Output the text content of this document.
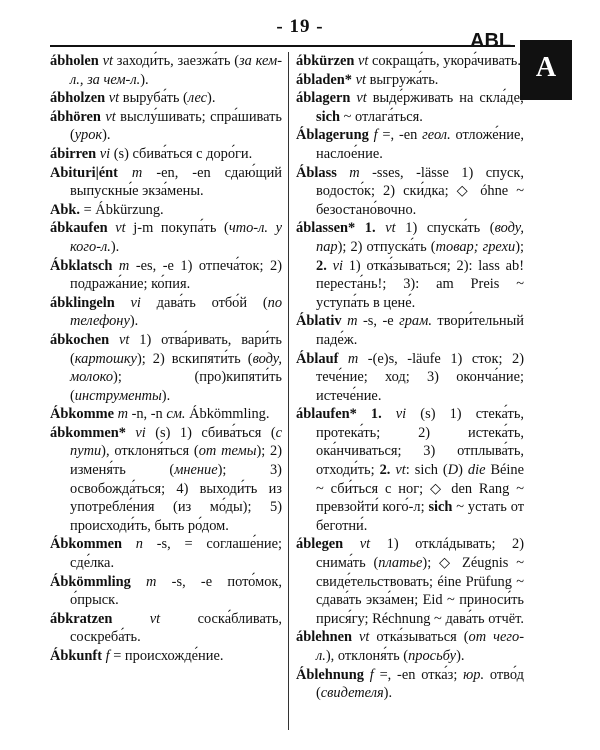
- 19 -
ABL
A

ábholen vt заходи́ть, заезжа́ть (за кем-л., за чем-л.).

ábholzen vt выруба́ть (лес).

ábhören vt выслу́шивать; спра́шивать (урок).

ábirren vi (s) сбива́ться с доро́ги.

Abituri|ént m -en, -en сдаю́щий выпускны́е экза́мены.

Abk. = Ábkürzung.

ábkaufen vt j-m покупа́ть (что-л. у кого-л.).

Ábklatsch m -es, -e 1) отпеча́ток; 2) подража́ние; ко́пия.

ábklingeln vi дава́ть отбо́й (по телефону).

ábkochen vt 1) отва́ривать, вари́ть (картошку); 2) вскипяти́ть (воду, молоко); (про)кипяти́ть (инструменты).

Ábkomme m -n, -n см. Ábkömmling.

ábkommen* vi (s) 1) сбива́ться (с пути), отклоня́ться (от темы); 2) изменя́ть (мнение); 3) освобожда́ться; 4) выходи́ть из употребле́ния (из мо́ды); 5) происходи́ть, быть ро́дом.

Ábkommen n -s, = соглаше́ние; сде́лка.

Ábkömmling m -s, -e пото́мок, о́прыск.

ábkratzen vt соска́бливать, соскреба́ть.

Ábkunft f = происхожде́ние.

ábkürzen vt сокраща́ть, укора́чивать.

ábladen* vt выгружа́ть.

áblagern vt выде́рживать на скла́де; sich ~ отлага́ться.

Áblagerung f =, -en геол. отложе́ние, наслое́ние.

Áblass m -sses, -lässe 1) спуск, водосто́к; 2) ски́дка; ◇ óhne ~ безостано́вочно.

áblassen* 1. vt 1) спуска́ть (воду, пар); 2) отпуска́ть (товар; грехи); 2. vi 1) отка́зываться; 2): lass ab! переста́нь!; 3): am Preis ~ уступа́ть в цене́.

Áblativ m -s, -e грам. твори́тельный паде́ж.

Áblauf m -(e)s, -läufe 1) сток; 2) тече́ние; ход; 3) оконча́ние; истече́ние.

áblaufen* 1. vi (s) 1) стека́ть, протека́ть; 2) истека́ть, ока́нчиваться; 3) отплыва́ть, отходи́ть; 2. vt: sich (D) die Béine ~ сби́ться с ног; ◇ den Rang ~ превзойти́ кого́-л; sich ~ устать от беготни́.

áblegen vt 1) отклáдывать; 2) снима́ть (платье); ◇ Zéugnis ~ свиде́тельствовать; éine Prüfung ~ сдава́ть экза́мен; Eid ~ приноси́ть прися́гу; Réchnung ~ дава́ть отчёт.

áblehnen vt отка́зываться (от чего-л.), отклоня́ть (просьбу).

Áblehnung f =, -en отка́з; юр. отво́д (свидетеля).
